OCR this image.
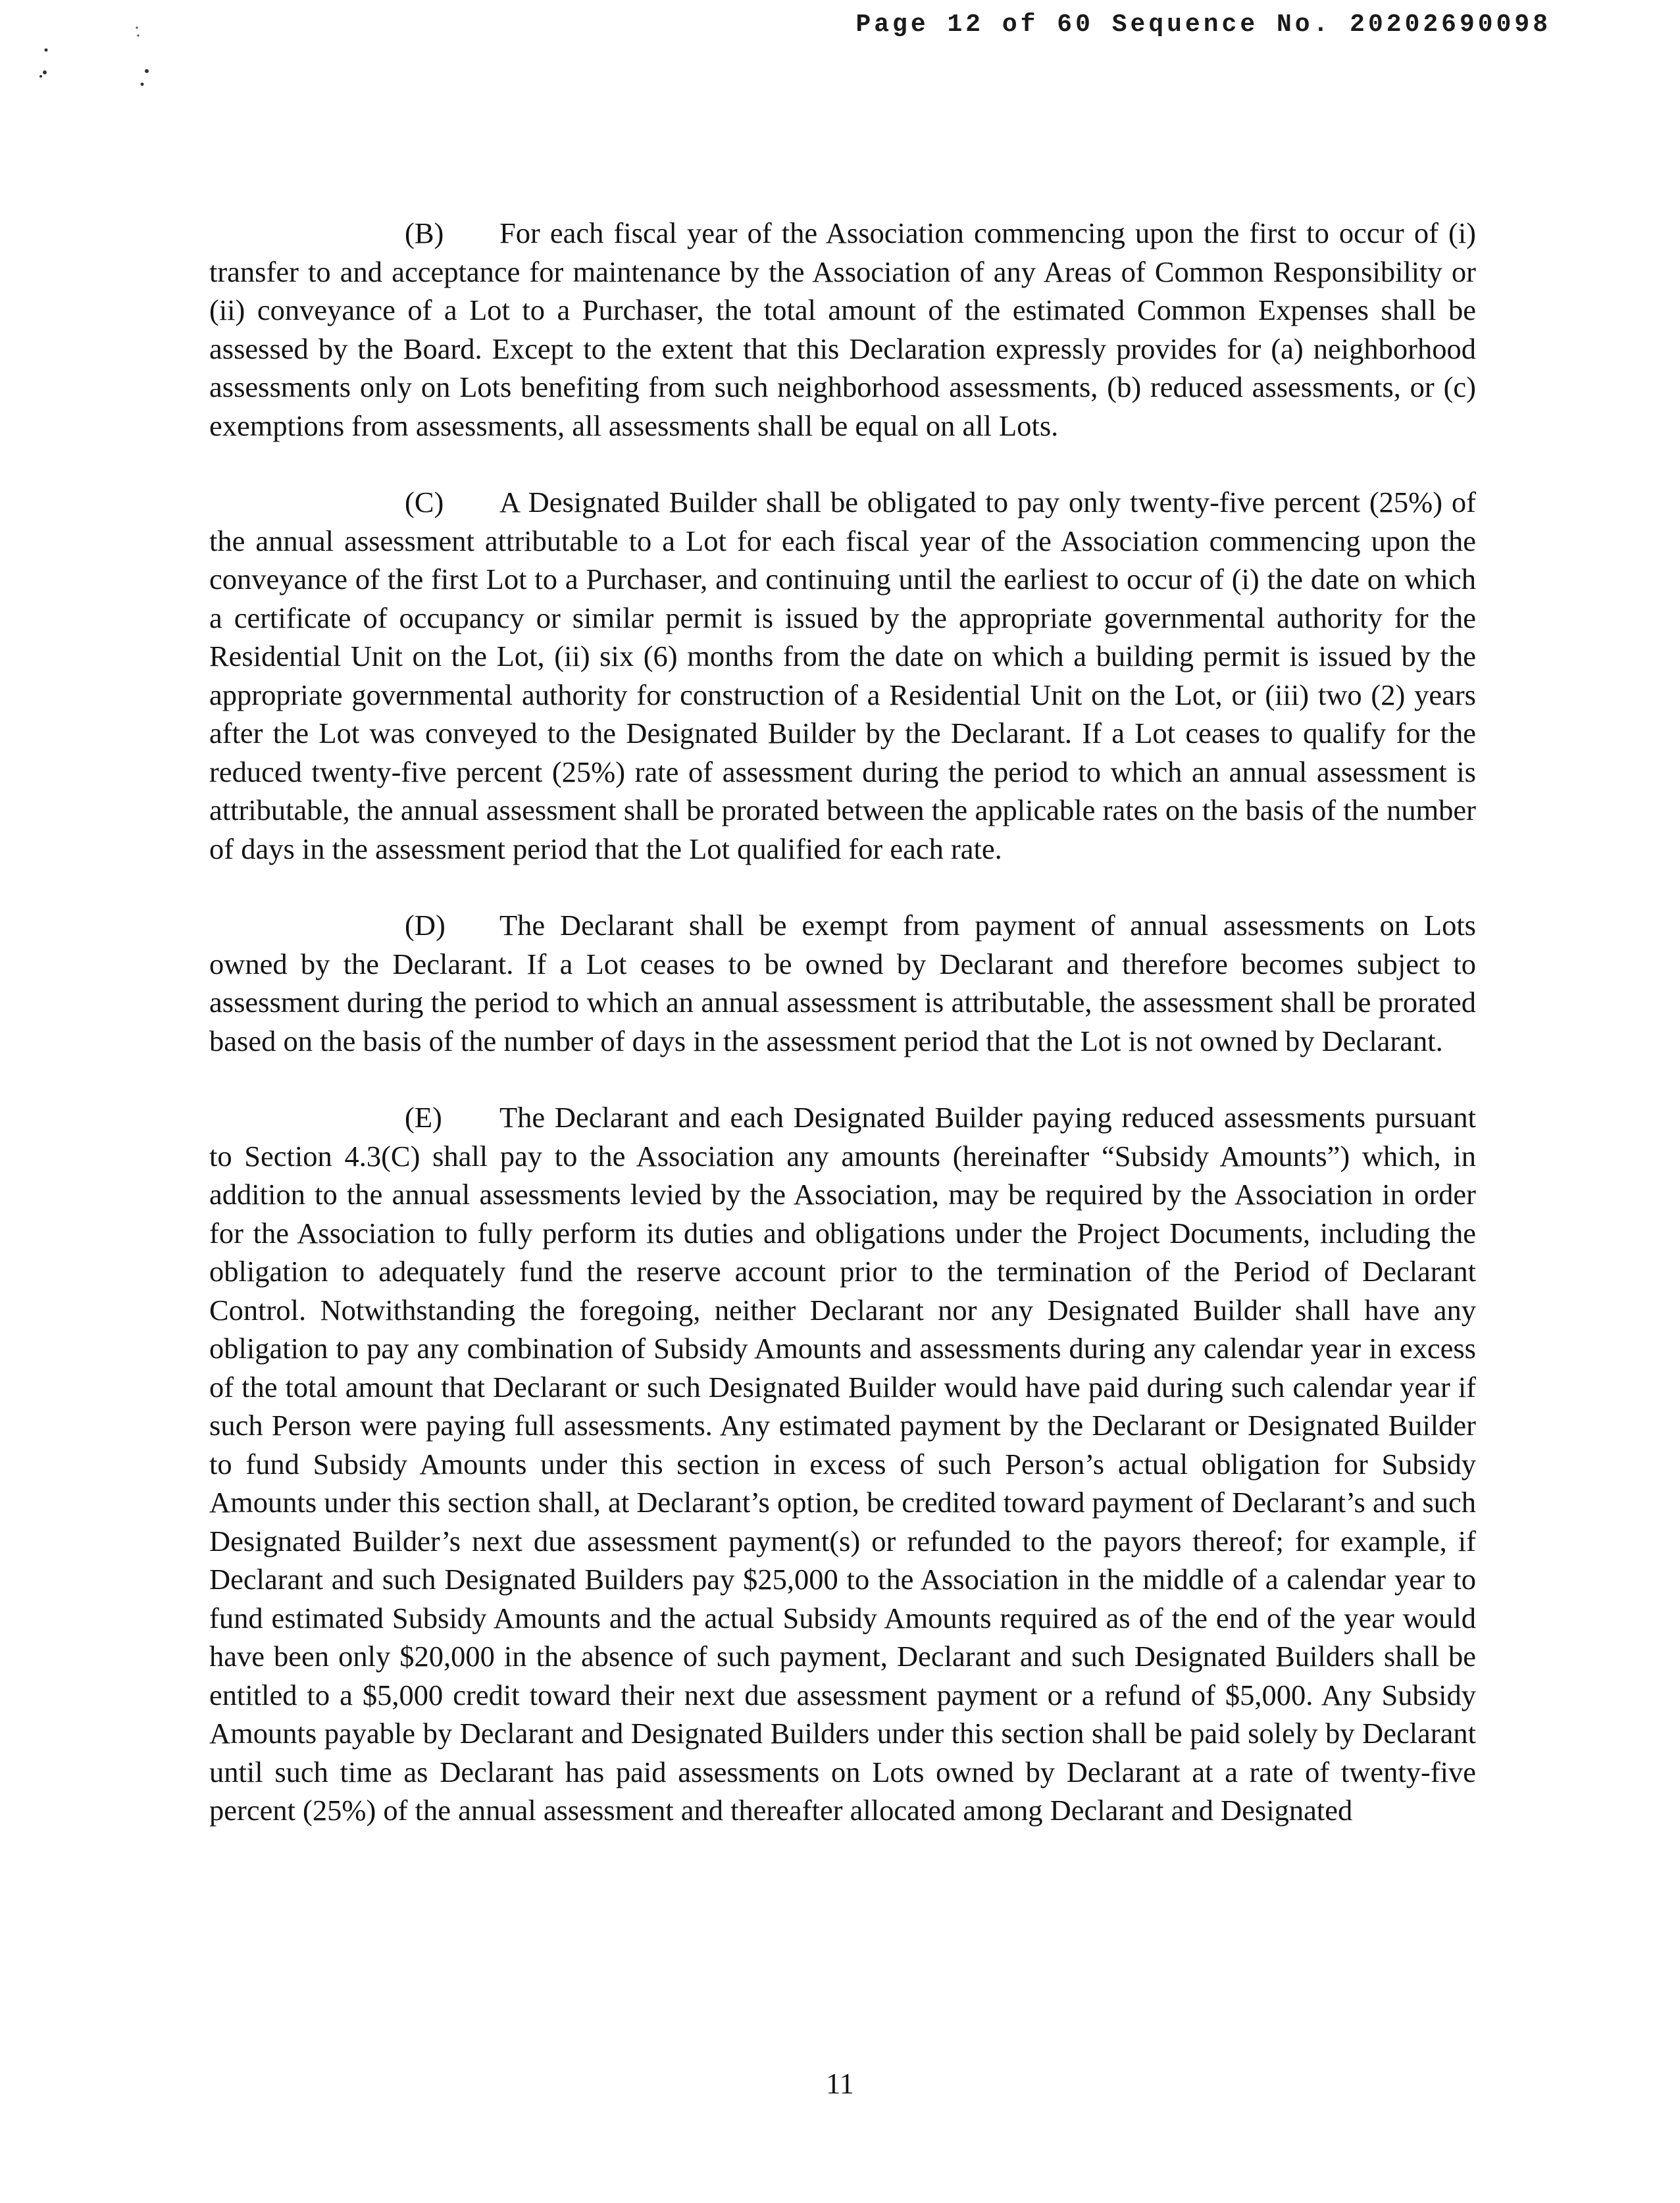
Page 12 of 60 Sequence No. 20202690098

(B) For each fiscal year of the Association commencing upon the first to occur of (i) transfer to and acceptance for maintenance by the Association of any Areas of Common Responsibility or (ii) conveyance of a Lot to a Purchaser, the total amount of the estimated Common Expenses shall be assessed by the Board. Except to the extent that this Declaration expressly provides for (a) neighborhood assessments only on Lots benefiting from such neighborhood assessments, (b) reduced assessments, or (c) exemptions from assessments, all assessments shall be equal on all Lots.

(C) A Designated Builder shall be obligated to pay only twenty-five percent (25%) of the annual assessment attributable to a Lot for each fiscal year of the Association commencing upon the conveyance of the first Lot to a Purchaser, and continuing until the earliest to occur of (i) the date on which a certificate of occupancy or similar permit is issued by the appropriate governmental authority for the Residential Unit on the Lot, (ii) six (6) months from the date on which a building permit is issued by the appropriate governmental authority for construction of a Residential Unit on the Lot, or (iii) two (2) years after the Lot was conveyed to the Designated Builder by the Declarant. If a Lot ceases to qualify for the reduced twenty-five percent (25%) rate of assessment during the period to which an annual assessment is attributable, the annual assessment shall be prorated between the applicable rates on the basis of the number of days in the assessment period that the Lot qualified for each rate.

(D) The Declarant shall be exempt from payment of annual assessments on Lots owned by the Declarant. If a Lot ceases to be owned by Declarant and therefore becomes subject to assessment during the period to which an annual assessment is attributable, the assessment shall be prorated based on the basis of the number of days in the assessment period that the Lot is not owned by Declarant.

(E) The Declarant and each Designated Builder paying reduced assessments pursuant to Section 4.3(C) shall pay to the Association any amounts (hereinafter “Subsidy Amounts”) which, in addition to the annual assessments levied by the Association, may be required by the Association in order for the Association to fully perform its duties and obligations under the Project Documents, including the obligation to adequately fund the reserve account prior to the termination of the Period of Declarant Control. Notwithstanding the foregoing, neither Declarant nor any Designated Builder shall have any obligation to pay any combination of Subsidy Amounts and assessments during any calendar year in excess of the total amount that Declarant or such Designated Builder would have paid during such calendar year if such Person were paying full assessments. Any estimated payment by the Declarant or Designated Builder to fund Subsidy Amounts under this section in excess of such Person’s actual obligation for Subsidy Amounts under this section shall, at Declarant’s option, be credited toward payment of Declarant’s and such Designated Builder’s next due assessment payment(s) or refunded to the payors thereof; for example, if Declarant and such Designated Builders pay $25,000 to the Association in the middle of a calendar year to fund estimated Subsidy Amounts and the actual Subsidy Amounts required as of the end of the year would have been only $20,000 in the absence of such payment, Declarant and such Designated Builders shall be entitled to a $5,000 credit toward their next due assessment payment or a refund of $5,000. Any Subsidy Amounts payable by Declarant and Designated Builders under this section shall be paid solely by Declarant until such time as Declarant has paid assessments on Lots owned by Declarant at a rate of twenty-five percent (25%) of the annual assessment and thereafter allocated among Declarant and Designated

11
